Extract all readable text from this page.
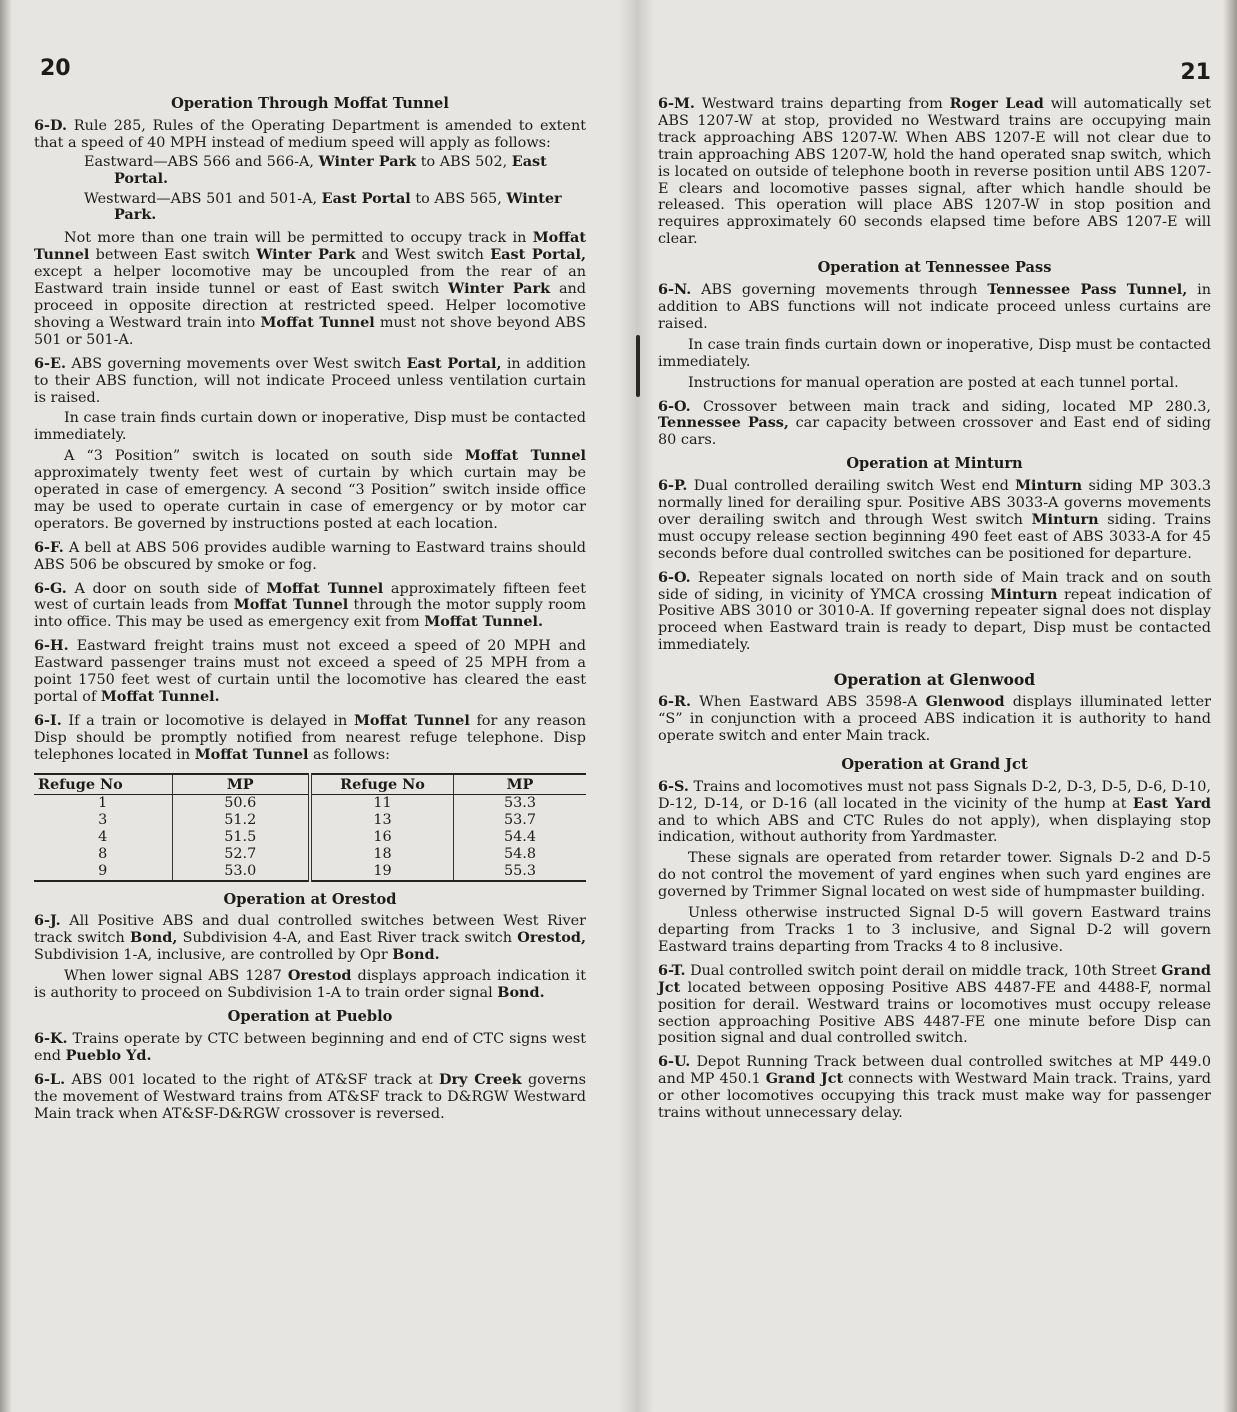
20
Operation Through Moffat Tunnel

6-D. Rule 285, Rules of the Operating Department is amended to extent that a speed of 40 MPH instead of medium speed will apply as follows:

Eastward—ABS 566 and 566-A, Winter Park to ABS 502, East Portal.

Westward—ABS 501 and 501-A, East Portal to ABS 565, Winter Park.

Not more than one train will be permitted to occupy track in Moffat Tunnel between East switch Winter Park and West switch East Portal, except a helper locomotive may be uncoupled from the rear of an Eastward train inside tunnel or east of East switch Winter Park and proceed in opposite direction at restricted speed. Helper locomotive shoving a Westward train into Moffat Tunnel must not shove beyond ABS 501 or 501-A.

6-E. ABS governing movements over West switch East Portal, in addition to their ABS function, will not indicate Proceed unless ventilation curtain is raised.

In case train finds curtain down or inoperative, Disp must be contacted immediately.

A “3 Position” switch is located on south side Moffat Tunnel approximately twenty feet west of curtain by which curtain may be operated in case of emergency. A second “3 Position” switch inside office may be used to operate curtain in case of emergency or by motor car operators. Be governed by instructions posted at each location.

6-F. A bell at ABS 506 provides audible warning to Eastward trains should ABS 506 be obscured by smoke or fog.

6-G. A door on south side of Moffat Tunnel approximately fifteen feet west of curtain leads from Moffat Tunnel through the motor supply room into office. This may be used as emergency exit from Moffat Tunnel.

6-H. Eastward freight trains must not exceed a speed of 20 MPH and Eastward passenger trains must not exceed a speed of 25 MPH from a point 1750 feet west of curtain until the locomotive has cleared the east portal of Moffat Tunnel.

6-I. If a train or locomotive is delayed in Moffat Tunnel for any reason Disp should be promptly notified from nearest refuge telephone. Disp telephones located in Moffat Tunnel as follows:

Refuge No	MP	Refuge No	MP
1	50.6	11	53.3
3	51.2	13	53.7
4	51.5	16	54.4
8	52.7	18	54.8
9	53.0	19	55.3
Operation at Orestod

6-J. All Positive ABS and dual controlled switches between West River track switch Bond, Subdivision 4-A, and East River track switch Orestod, Subdivision 1-A, inclusive, are controlled by Opr Bond.

When lower signal ABS 1287 Orestod displays approach indication it is authority to proceed on Subdivision 1-A to train order signal Bond.

Operation at Pueblo

6-K. Trains operate by CTC between beginning and end of CTC signs west end Pueblo Yd.

6-L. ABS 001 located to the right of AT&SF track at Dry Creek governs the movement of Westward trains from AT&SF track to D&RGW Westward Main track when AT&SF-D&RGW crossover is reversed.

21

6-M. Westward trains departing from Roger Lead will automatically set ABS 1207-W at stop, provided no Westward trains are occupying main track approaching ABS 1207-W. When ABS 1207-E will not clear due to train approaching ABS 1207-W, hold the hand operated snap switch, which is located on outside of telephone booth in reverse position until ABS 1207-E clears and locomotive passes signal, after which handle should be released. This operation will place ABS 1207-W in stop position and requires approximately 60 seconds elapsed time before ABS 1207-E will clear.

Operation at Tennessee Pass

6-N. ABS governing movements through Tennessee Pass Tunnel, in addition to ABS functions will not indicate proceed unless curtains are raised.

In case train finds curtain down or inoperative, Disp must be contacted immediately.

Instructions for manual operation are posted at each tunnel portal.

6-O. Crossover between main track and siding, located MP 280.3, Tennessee Pass, car capacity between crossover and East end of siding 80 cars.

Operation at Minturn

6-P. Dual controlled derailing switch West end Minturn siding MP 303.3 normally lined for derailing spur. Positive ABS 3033-A governs movements over derailing switch and through West switch Minturn siding. Trains must occupy release section beginning 490 feet east of ABS 3033-A for 45 seconds before dual controlled switches can be positioned for departure.

6-O. Repeater signals located on north side of Main track and on south side of siding, in vicinity of YMCA crossing Minturn repeat indication of Positive ABS 3010 or 3010-A. If governing repeater signal does not display proceed when Eastward train is ready to depart, Disp must be contacted immediately.

Operation at Glenwood

6-R. When Eastward ABS 3598-A Glenwood displays illuminated letter “S” in conjunction with a proceed ABS indication it is authority to hand operate switch and enter Main track.

Operation at Grand Jct

6-S. Trains and locomotives must not pass Signals D-2, D-3, D-5, D-6, D-10, D-12, D-14, or D-16 (all located in the vicinity of the hump at East Yard and to which ABS and CTC Rules do not apply), when displaying stop indication, without authority from Yardmaster.

These signals are operated from retarder tower. Signals D-2 and D-5 do not control the movement of yard engines when such yard engines are governed by Trimmer Signal located on west side of humpmaster building.

Unless otherwise instructed Signal D-5 will govern Eastward trains departing from Tracks 1 to 3 inclusive, and Signal D-2 will govern Eastward trains departing from Tracks 4 to 8 inclusive.

6-T. Dual controlled switch point derail on middle track, 10th Street Grand Jct located between opposing Positive ABS 4487-FE and 4488-F, normal position for derail. Westward trains or locomotives must occupy release section approaching Positive ABS 4487-FE one minute before Disp can position signal and dual controlled switch.

6-U. Depot Running Track between dual controlled switches at MP 449.0 and MP 450.1 Grand Jct connects with Westward Main track. Trains, yard or other locomotives occupying this track must make way for passenger trains without unnecessary delay.
